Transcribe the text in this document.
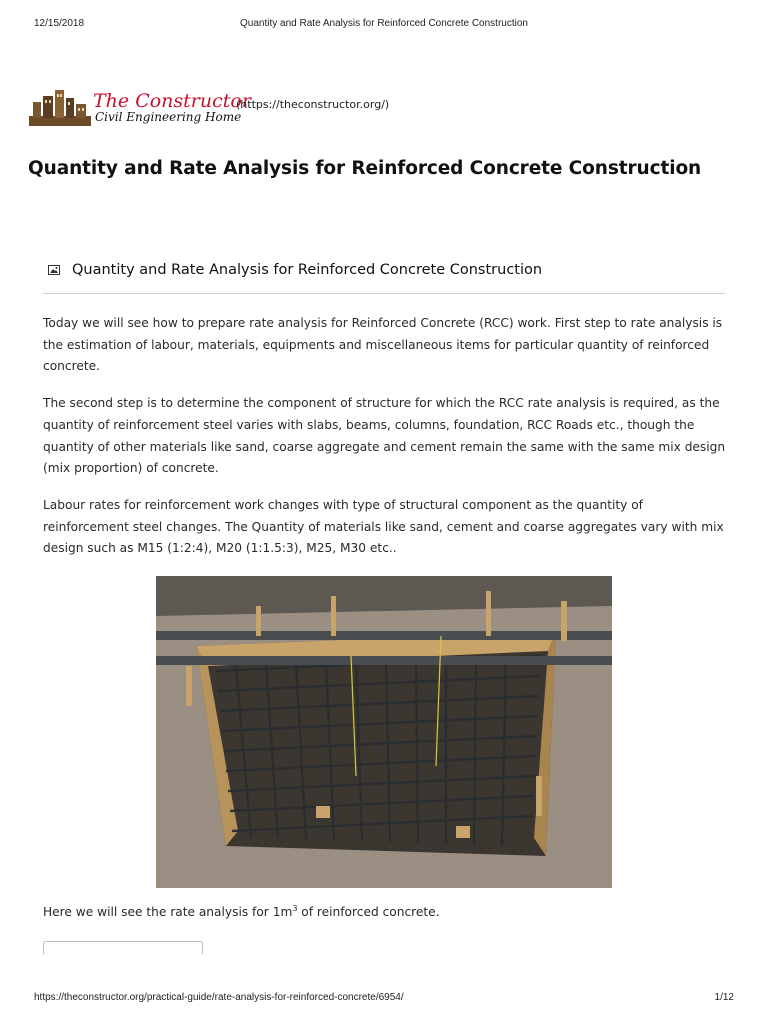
12/15/2018	Quantity and Rate Analysis for Reinforced Concrete Construction
The Constructor
Civil Engineering Home
(https://theconstructor.org/)
Quantity and Rate Analysis for Reinforced Concrete Construction
Quantity and Rate Analysis for Reinforced Concrete Construction

Today we will see how to prepare rate analysis for Reinforced Concrete (RCC) work. First step to rate analysis is the estimation of labour, materials, equipments and miscellaneous items for particular quantity of reinforced concrete.

The second step is to determine the component of structure for which the RCC rate analysis is required, as the quantity of reinforcement steel varies with slabs, beams, columns, foundation, RCC Roads etc., though the quantity of other materials like sand, coarse aggregate and cement remain the same with the same mix design (mix proportion) of concrete.

Labour rates for reinforcement work changes with type of structural component as the quantity of reinforcement steel changes. The Quantity of materials like sand, cement and coarse aggregates vary with mix design such as M15 (1:2:4), M20 (1:1.5:3), M25, M30 etc..

Here we will see the rate analysis for $1m^3$ of reinforced concrete.
https://theconstructor.org/practical-guide/rate-analysis-for-reinforced-concrete/6954/	1/12
